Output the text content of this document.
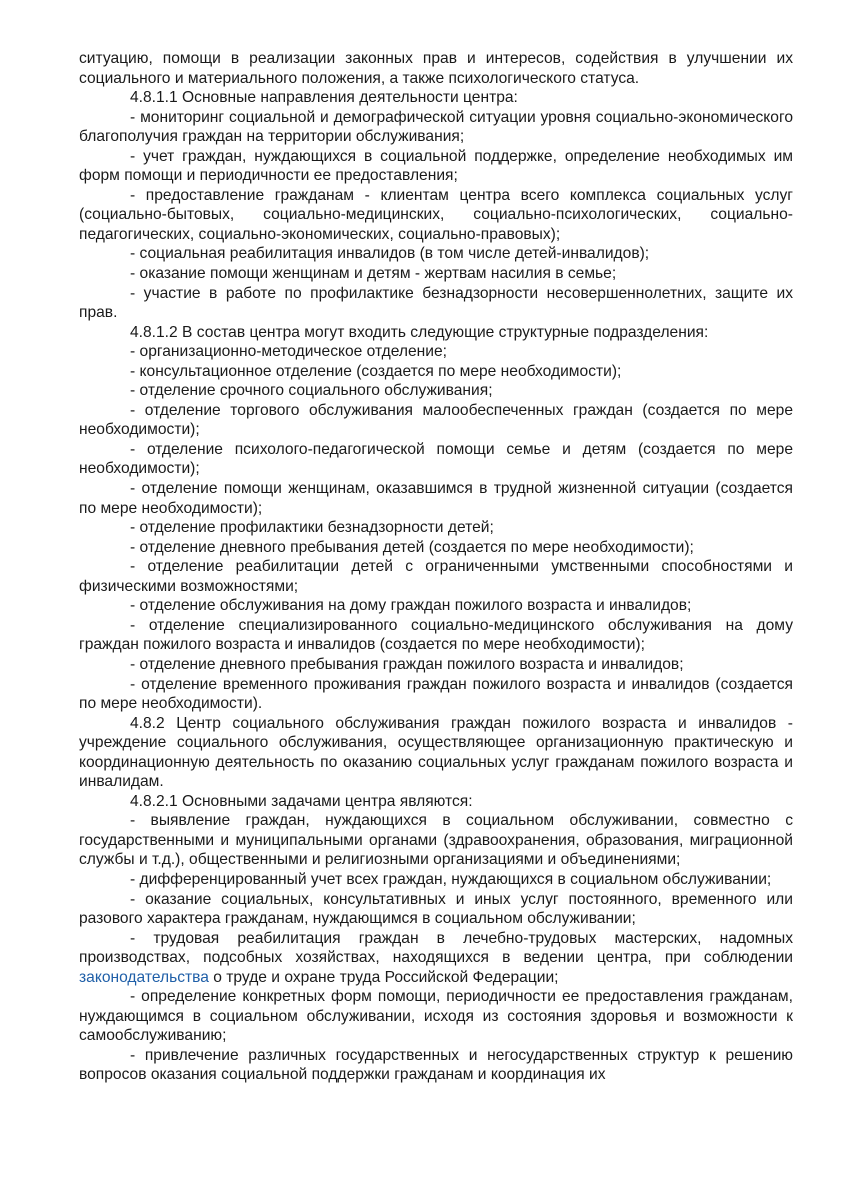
ситуацию, помощи в реализации законных прав и интересов, содействия в улучшении их социального и материального положения, а также психологического статуса.

4.8.1.1 Основные направления деятельности центра:

- мониторинг социальной и демографической ситуации уровня социально-экономического благополучия граждан на территории обслуживания;

- учет граждан, нуждающихся в социальной поддержке, определение необходимых им форм помощи и периодичности ее предоставления;

- предоставление гражданам - клиентам центра всего комплекса социальных услуг (социально-бытовых, социально-медицинских, социально-психологических, социально-педагогических, социально-экономических, социально-правовых);

- социальная реабилитация инвалидов (в том числе детей-инвалидов);

- оказание помощи женщинам и детям - жертвам насилия в семье;

- участие в работе по профилактике безнадзорности несовершеннолетних, защите их прав.

4.8.1.2 В состав центра могут входить следующие структурные подразделения:

- организационно-методическое отделение;

- консультационное отделение (создается по мере необходимости);

- отделение срочного социального обслуживания;

- отделение торгового обслуживания малообеспеченных граждан (создается по мере необходимости);

- отделение психолого-педагогической помощи семье и детям (создается по мере необходимости);

- отделение помощи женщинам, оказавшимся в трудной жизненной ситуации (создается по мере необходимости);

- отделение профилактики безнадзорности детей;

- отделение дневного пребывания детей (создается по мере необходимости);

- отделение реабилитации детей с ограниченными умственными способностями и физическими возможностями;

- отделение обслуживания на дому граждан пожилого возраста и инвалидов;

- отделение специализированного социально-медицинского обслуживания на дому граждан пожилого возраста и инвалидов (создается по мере необходимости);

- отделение дневного пребывания граждан пожилого возраста и инвалидов;

- отделение временного проживания граждан пожилого возраста и инвалидов (создается по мере необходимости).

4.8.2 Центр социального обслуживания граждан пожилого возраста и инвалидов - учреждение социального обслуживания, осуществляющее организационную практическую и координационную деятельность по оказанию социальных услуг гражданам пожилого возраста и инвалидам.

4.8.2.1 Основными задачами центра являются:

- выявление граждан, нуждающихся в социальном обслуживании, совместно с государственными и муниципальными органами (здравоохранения, образования, миграционной службы и т.д.), общественными и религиозными организациями и объединениями;

- дифференцированный учет всех граждан, нуждающихся в социальном обслуживании;

- оказание социальных, консультативных и иных услуг постоянного, временного или разового характера гражданам, нуждающимся в социальном обслуживании;

- трудовая реабилитация граждан в лечебно-трудовых мастерских, надомных производствах, подсобных хозяйствах, находящихся в ведении центра, при соблюдении законодательства о труде и охране труда Российской Федерации;

- определение конкретных форм помощи, периодичности ее предоставления гражданам, нуждающимся в социальном обслуживании, исходя из состояния здоровья и возможности к самообслуживанию;

- привлечение различных государственных и негосударственных структур к решению вопросов оказания социальной поддержки гражданам и координация их
